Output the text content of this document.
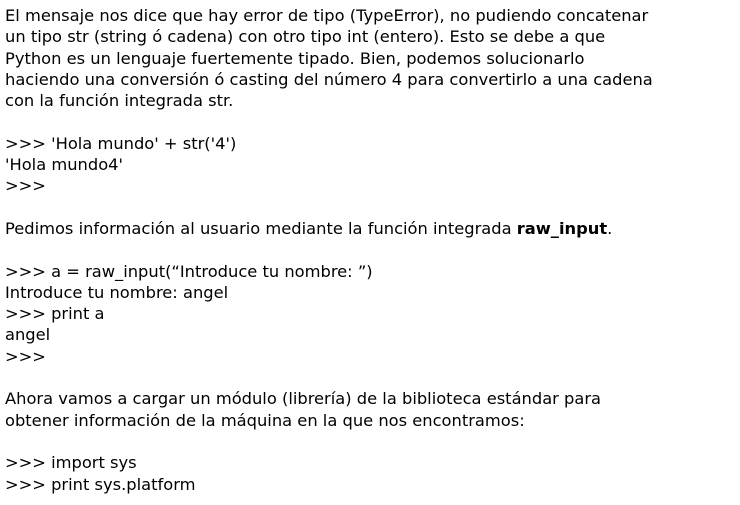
El mensaje nos dice que hay error de tipo (TypeError), no pudiendo concatenar
un tipo str (string ó cadena) con otro tipo int (entero). Esto se debe a que
Python es un lenguaje fuertemente tipado. Bien, podemos solucionarlo
haciendo una conversión ó casting del número 4 para convertirlo a una cadena
con la función integrada str.
>>> 'Hola mundo' + str('4')
'Hola mundo4'
>>>
Pedimos información al usuario mediante la función integrada raw_input.
>>> a = raw_input(“Introduce tu nombre: ”)
Introduce tu nombre: angel
>>> print a
angel
>>>
Ahora vamos a cargar un módulo (librería) de la biblioteca estándar para
obtener información de la máquina en la que nos encontramos:
>>> import sys
>>> print sys.platform
